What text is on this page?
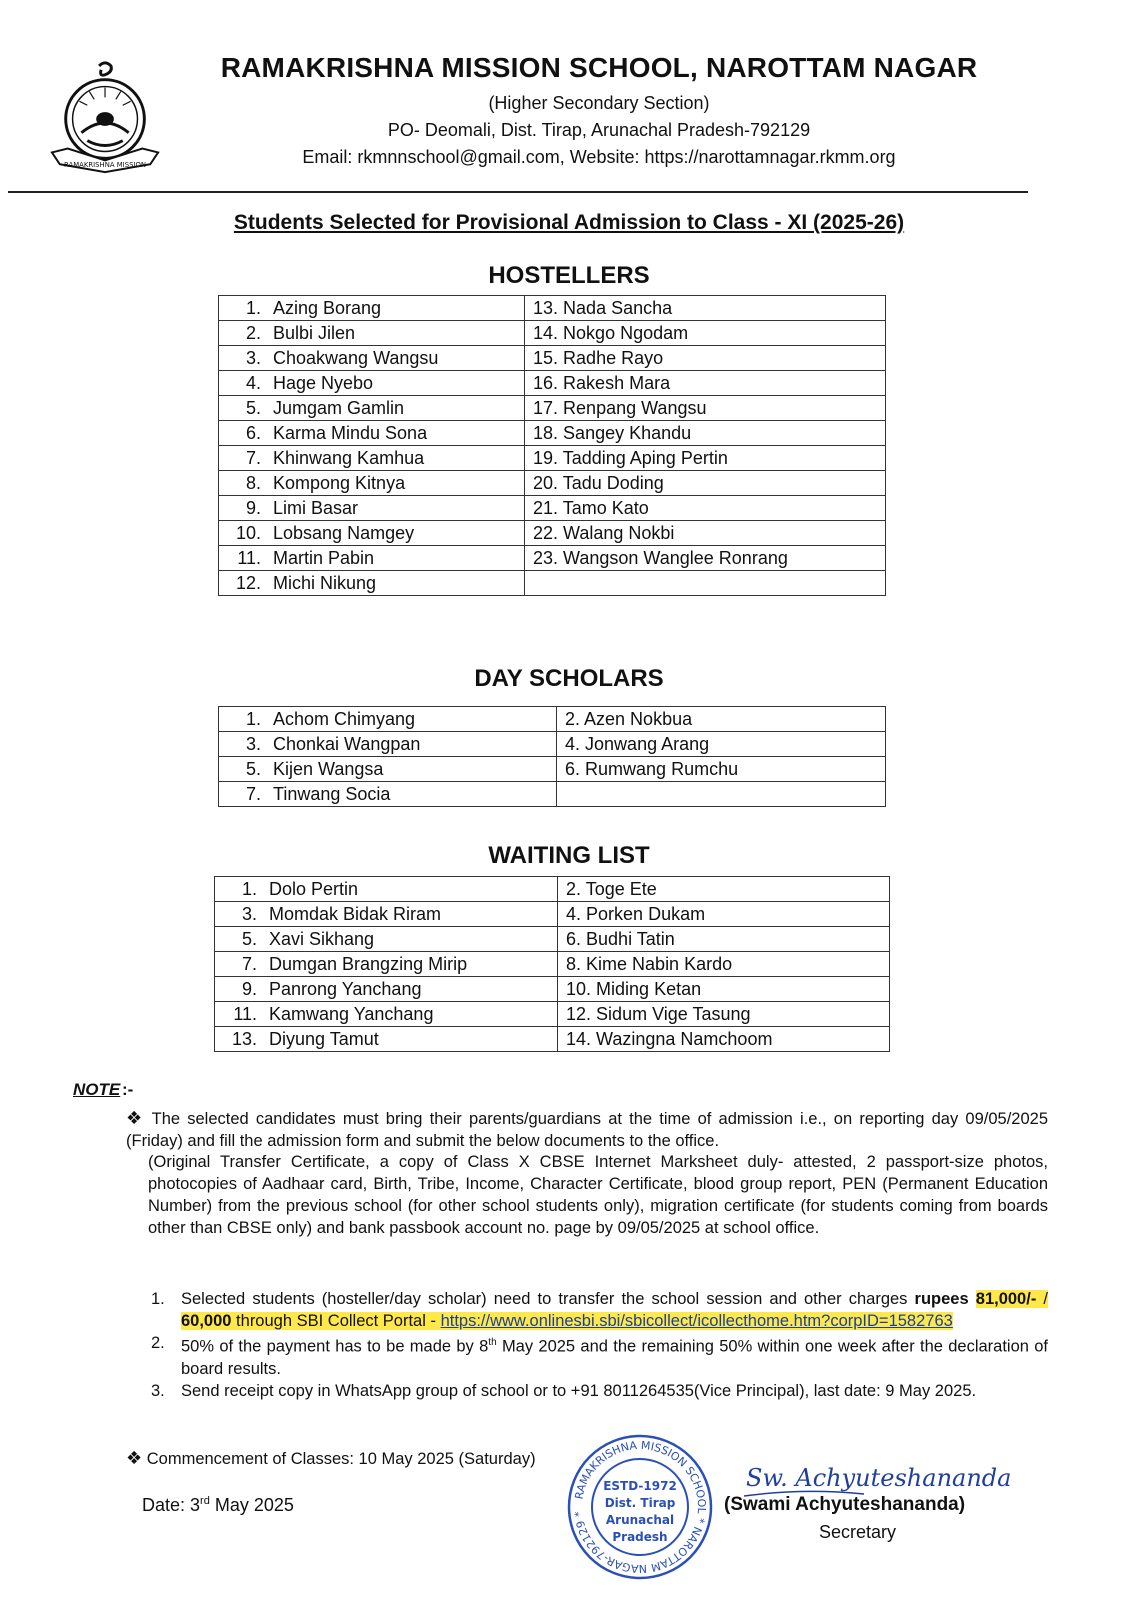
RAMAKRISHNA MISSION
RAMAKRISHNA MISSION SCHOOL, NAROTTAM NAGAR
(Higher Secondary Section)
PO- Deomali, Dist. Tirap, Arunachal Pradesh-792129
Email: rkmnnschool@gmail.com, Website: https://narottamnagar.rkmm.org
Students Selected for Provisional Admission to Class - XI (2025-26)
HOSTELLERS
1. Azing Borang	13. Nada Sancha
2. Bulbi Jilen	14. Nokgo Ngodam
3. Choakwang Wangsu	15. Radhe Rayo
4. Hage Nyebo	16. Rakesh Mara
5. Jumgam Gamlin	17. Renpang Wangsu
6. Karma Mindu Sona	18. Sangey Khandu
7. Khinwang Kamhua	19. Tadding Aping Pertin
8. Kompong Kitnya	20. Tadu Doding
9. Limi Basar	21. Tamo Kato
10. Lobsang Namgey	22. Walang Nokbi
11. Martin Pabin	23. Wangson Wanglee Ronrang
12. Michi Nikung	
DAY SCHOLARS
1. Achom Chimyang	2. Azen Nokbua
3. Chonkai Wangpan	4. Jonwang Arang
5. Kijen Wangsa	6. Rumwang Rumchu
7. Tinwang Socia	
WAITING LIST
1. Dolo Pertin	2. Toge Ete
3. Momdak Bidak Riram	4. Porken Dukam
5. Xavi Sikhang	6. Budhi Tatin
7. Dumgan Brangzing Mirip	8. Kime Nabin Kardo
9. Panrong Yanchang	10. Miding Ketan
11. Kamwang Yanchang	12. Sidum Vige Tasung
13. Diyung Tamut	14. Wazingna Namchoom
NOTE :-
❖ The selected candidates must bring their parents/guardians at the time of admission i.e., on reporting day 09/05/2025 (Friday) and fill the admission form and submit the below documents to the office.
(Original Transfer Certificate, a copy of Class X CBSE Internet Marksheet duly- attested, 2 passport-size photos, photocopies of Aadhaar card, Birth, Tribe, Income, Character Certificate, blood group report, PEN (Permanent Education Number) from the previous school (for other school students only), migration certificate (for students coming from boards other than CBSE only) and bank passbook account no. page by 09/05/2025 at school office.
1. Selected students (hosteller/day scholar) need to transfer the school session and other charges rupees 81,000/- / 60,000 through SBI Collect Portal - https://www.onlinesbi.sbi/sbicollect/icollecthome.htm?corpID=1582763
2. 50% of the payment has to be made by 8th May 2025 and the remaining 50% within one week after the declaration of board results.
3. Send receipt copy in WhatsApp group of school or to +91 8011264535(Vice Principal), last date: 9 May 2025.
❖ Commencement of Classes: 10 May 2025 (Saturday)
Date: 3rd May 2025	RAMAKRISHNA MISSION SCHOOL * NAROTTAM NAGAR-792129 *
ESTD-1972
Dist. Tirap
Arunachal
Pradesh
Sw. Achyuteshananda
(Swami Achyuteshananda)
Secretary
